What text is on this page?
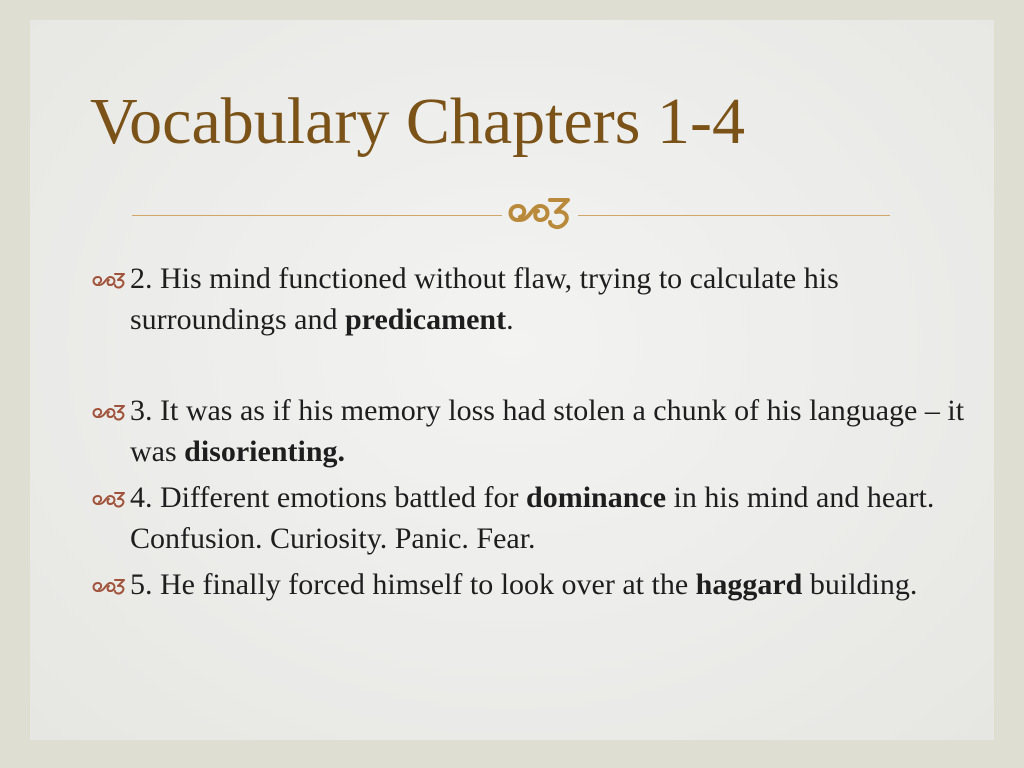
Vocabulary Chapters 1-4
2. His mind functioned without flaw, trying to calculate his surroundings and predicament.
3. It was as if his memory loss had stolen a chunk of his language – it was disorienting.
4. Different emotions battled for dominance in his mind and heart. Confusion. Curiosity. Panic. Fear.
5. He finally forced himself to look over at the haggard building.
